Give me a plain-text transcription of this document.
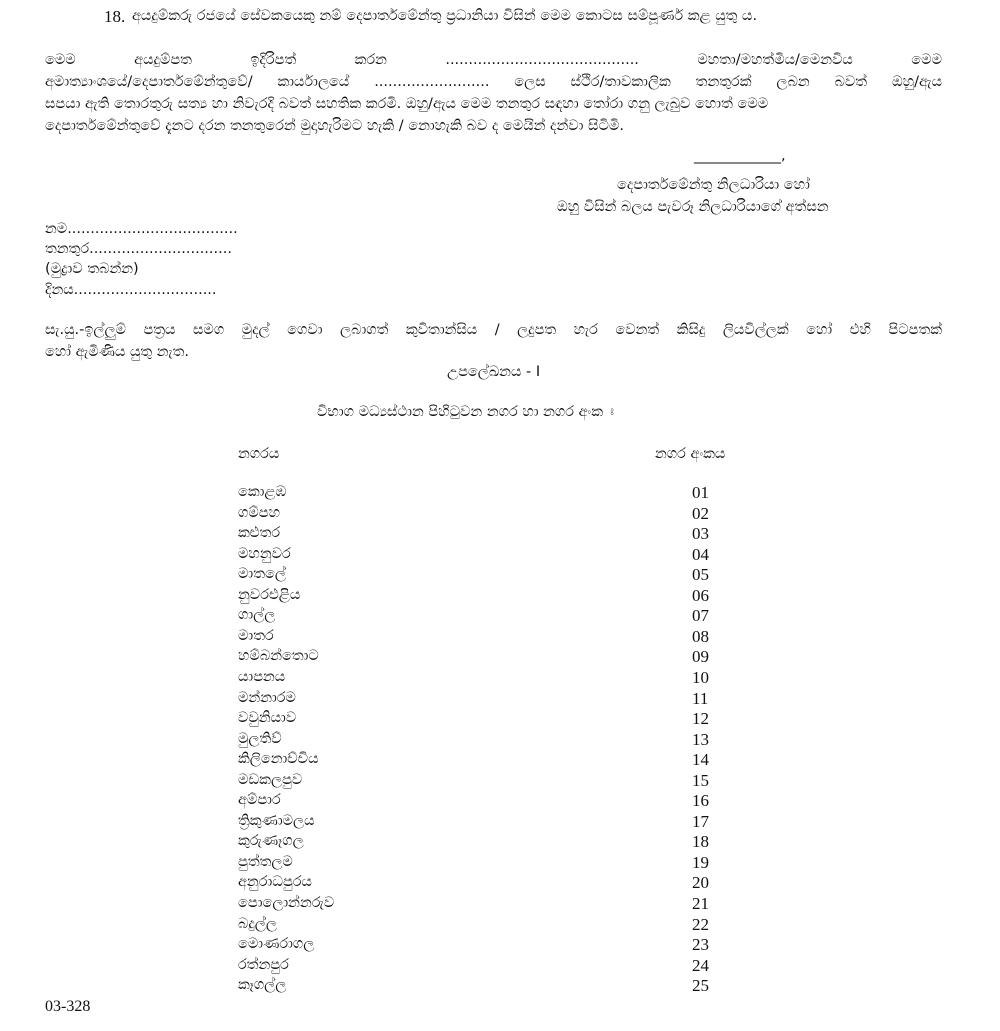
18. අයදුම්කරු රජයේ සේවකයෙකු නම් දෙපාර්තමේන්තු ප්‍රධානියා විසින් මෙම කොටස සම්පූර්ණ කළ යුතු ය.
මෙම අයදුම්පත ඉදිරිපත් කරන .......................................... මහතා/මහත්මිය/මෙනවිය මෙම
අමාත්‍යාංශයේ/දෙපාර්තමේන්තුවේ/ කාර්යාලයේ ......................... ලෙස ස්ථිර/තාවකාලික තනතුරක් ලබන බවත් ඔහු/ඇය
සපයා ඇති තොරතුරු සත්‍ය හා නිවැරදි බවත් සහතික කරමි. ඔහු/ඇය මෙම තනතුර සඳහා තෝරා ගනු ලැබුව හොත් මෙම
දෙපාර්තමේන්තුවේ දැනට දරන තනතුරෙන් මුදාහැරිමට හැකි / නොහැකි බව ද මෙයින් දන්වා සිටිමි.
____________,
දෙපාර්තමේන්තු නිලධාරියා හෝ
ඔහු විසින් බලය පැවරූ නිලධාරියාගේ අත්සන
නම.....................................
තනතුර...............................
(මුද්‍රාව තබන්න)
දිනය...............................
සැ.යු.-ඉල්ලුම් පත්‍රය සමග මුදල් ගෙවා ලබාගත් කුවිතාන්සිය / ලදුපත හැර වෙනත් කිසිදු ලියවිල්ලක් හෝ එහි පිටපතක්
හෝ ඇමිණිය යුතු නැත.
උපලේඛනය - I
විභාග මධ්‍යස්ථාන පිහිටුවන නගර හා නගර අංක ඃ
නගරය	නගර අංකය
කොළඹ	01
ගම්පහ	02
කළුතර	03
මහනුවර	04
මාතලේ	05
නුවරඑළිය	06
ගාල්ල	07
මාතර	08
හම්බන්තොට	09
යාපනය	10
මන්නාරම	11
වවුනියාව	12
මුලතිව්	13
කිලිනොච්චිය	14
මඩකලපුව	15
අම්පාර	16
ත්‍රිකුණාමලය	17
කුරුණෑගල	18
පුත්තලම	19
අනුරාධපුරය	20
පොලොන්නරුව	21
බදුල්ල	22
මොණරාගල	23
රත්නපුර	24
කෑගල්ල	25
03-328
